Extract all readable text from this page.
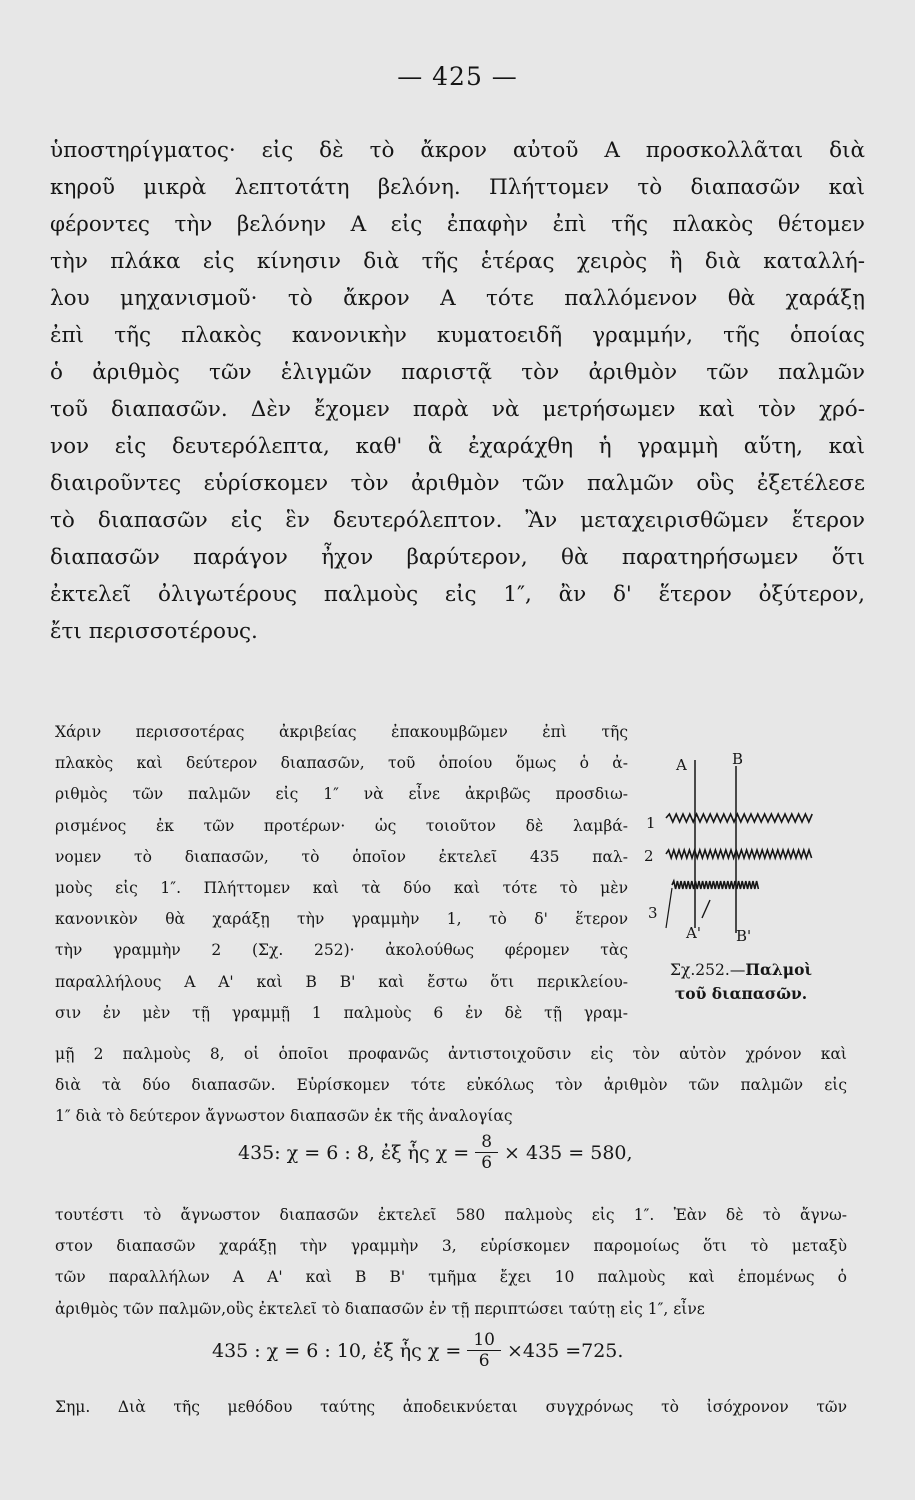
— 425 —
ὑποστηρίγματος· εἰς δὲ τὸ ἄκρον αὐτοῦ Α προσκολλᾶται διὰ
κηροῦ μικρὰ λεπτοτάτη βελόνη. Πλήττομεν τὸ διαπασῶν καὶ
φέροντες τὴν βελόνην Α εἰς ἐπαφὴν ἐπὶ τῆς πλακὸς θέτομεν
τὴν πλάκα εἰς κίνησιν διὰ τῆς ἑτέρας χειρὸς ἢ διὰ καταλλή-
λου μηχανισμοῦ· τὸ ἄκρον Α τότε παλλόμενον θὰ χαράξῃ
ἐπὶ τῆς πλακὸς κανονικὴν κυματοειδῆ γραμμήν, τῆς ὁποίας
ὁ ἀριθμὸς τῶν ἑλιγμῶν παριστᾷ τὸν ἀριθμὸν τῶν παλμῶν
τοῦ διαπασῶν. Δὲν ἔχομεν παρὰ νὰ μετρήσωμεν καὶ τὸν χρό-
νον εἰς δευτερόλεπτα, καθ' ἃ ἐχαράχθη ἡ γραμμὴ αὕτη, καὶ
διαιροῦντες εὑρίσκομεν τὸν ἀριθμὸν τῶν παλμῶν οὓς ἐξετέλεσε
τὸ διαπασῶν εἰς ἓν δευτερόλεπτον. Ἂν μεταχειρισθῶμεν ἕτερον
διαπασῶν παράγον ἦχον βαρύτερον, θὰ παρατηρήσωμεν ὅτι
ἐκτελεῖ ὀλιγωτέρους παλμοὺς εἰς 1″, ἂν δ' ἕτερον ὀξύτερον,
ἔτι περισσοτέρους.
Χάριν περισσοτέρας ἀκριβείας ἐπακουμβῶμεν ἐπὶ τῆς
πλακὸς καὶ δεύτερον διαπασῶν, τοῦ ὁποίου ὅμως ὁ ἀ-
ριθμὸς τῶν παλμῶν εἰς 1″ νὰ εἶνε ἀκριβῶς προσδιω-
ρισμένος ἐκ τῶν προτέρων· ὡς τοιοῦτον δὲ λαμβά-
νομεν τὸ διαπασῶν, τὸ ὁποῖον ἐκτελεῖ 435 παλ-
μοὺς εἰς 1″. Πλήττομεν καὶ τὰ δύο καὶ τότε τὸ μὲν
κανονικὸν θὰ χαράξῃ τὴν γραμμὴν 1, τὸ δ' ἕτερον
τὴν γραμμὴν 2 (Σχ. 252)· ἀκολούθως φέρομεν τὰς
παραλλήλους Α Α' καὶ Β Β' καὶ ἔστω ὅτι περικλείου-
σιν ἐν μὲν τῇ γραμμῇ 1 παλμοὺς 6 ἐν δὲ τῇ γραμ-
A	B
1
2
3
A' B'
Σχ.252.—Παλμοὶ
τοῦ διαπασῶν.
μῇ 2 παλμοὺς 8, οἱ ὁποῖοι προφανῶς ἀντιστοιχοῦσιν εἰς τὸν αὐτὸν χρόνον καὶ
διὰ τὰ δύο διαπασῶν. Εὑρίσκομεν τότε εὐκόλως τὸν ἀριθμὸν τῶν παλμῶν εἰς
1″ διὰ τὸ δεύτερον ἄγνωστον διαπασῶν ἐκ τῆς ἀναλογίας
435: χ = 6 : 8, ἐξ ἧς $\chi = \frac{8}{6} \times 435 = 580$,
τουτέστι τὸ ἄγνωστον διαπασῶν ἐκτελεῖ 580 παλμοὺς εἰς 1″. Ἐὰν δὲ τὸ ἄγνω-
στον διαπασῶν χαράξῃ τὴν γραμμὴν 3, εὑρίσκομεν παρομοίως ὅτι τὸ μεταξὺ
τῶν παραλλήλων Α Α' καὶ Β Β' τμῆμα ἔχει 10 παλμοὺς καὶ ἑπομένως ὁ
ἀριθμὸς τῶν παλμῶν,οὓς ἐκτελεῖ τὸ διαπασῶν ἐν τῇ περιπτώσει ταύτῃ εἰς 1″, εἶνε
435 : χ = 6 : 10, ἐξ ἧς $\chi = \frac{10}{6} \times 435 =725$.
Σημ. Διὰ τῆς μεθόδου ταύτης ἀποδεικνύεται συγχρόνως τὸ ἰσόχρονον τῶν
